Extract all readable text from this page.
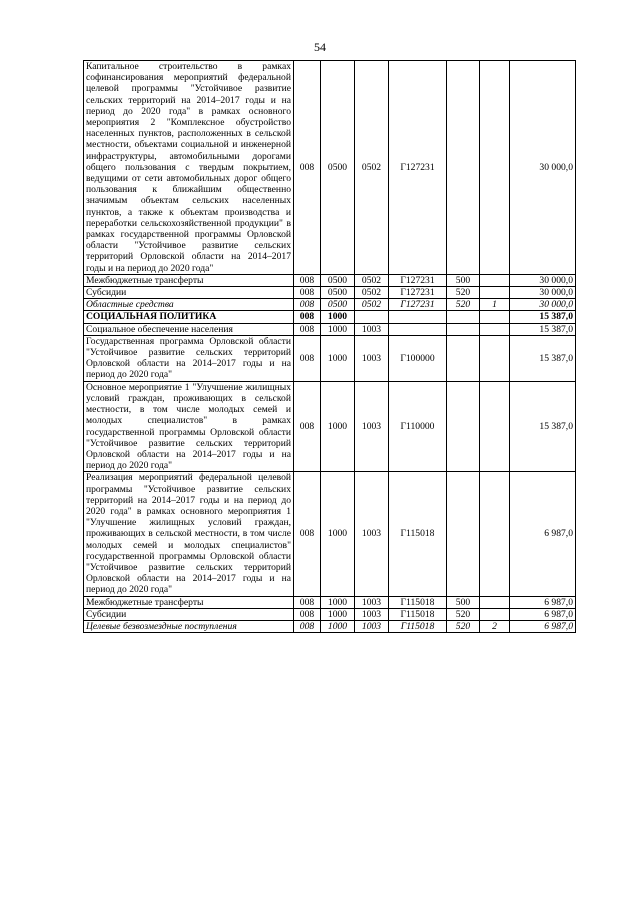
54
Капитальное строительство в рамках софинансирования мероприятий федеральной целевой программы "Устойчивое развитие сельских территорий на 2014–2017 годы и на период до 2020 года" в рамках основного мероприятия 2 "Комплексное обустройство населенных пунктов, расположенных в сельской местности, объектами социальной и инженерной инфраструктуры, автомобильными дорогами общего пользования с твердым покрытием, ведущими от сети автомобильных дорог общего пользования к ближайшим общественно значимым объектам сельских населенных пунктов, а также к объектам производства и переработки сельскохозяйственной продукции" в рамках государственной программы Орловской области "Устойчивое развитие сельских территорий Орловской области на 2014–2017 годы и на период до 2020 года"	008	0500	0502	Г127231			30 000,0
Межбюджетные трансферты	008	0500	0502	Г127231	500		30 000,0
Субсидии	008	0500	0502	Г127231	520		30 000,0
Областные средства	008	0500	0502	Г127231	520	1	30 000,0
СОЦИАЛЬНАЯ ПОЛИТИКА	008	1000					15 387,0
Социальное обеспечение населения	008	1000	1003				15 387,0
Государственная программа Орловской области "Устойчивое развитие сельских территорий Орловской области на 2014–2017 годы и на период до 2020 года"	008	1000	1003	Г100000			15 387,0
Основное мероприятие 1 "Улучшение жилищных условий граждан, проживающих в сельской местности, в том числе молодых семей и молодых специалистов" в рамках государственной программы Орловской области "Устойчивое развитие сельских территорий Орловской области на 2014–2017 годы и на период до 2020 года"	008	1000	1003	Г110000			15 387,0
Реализация мероприятий федеральной целевой программы "Устойчивое развитие сельских территорий на 2014–2017 годы и на период до 2020 года" в рамках основного мероприятия 1 "Улучшение жилищных условий граждан, проживающих в сельской местности, в том числе молодых семей и молодых специалистов" государственной программы Орловской области "Устойчивое развитие сельских территорий Орловской области на 2014–2017 годы и на период до 2020 года"	008	1000	1003	Г115018			6 987,0
Межбюджетные трансферты	008	1000	1003	Г115018	500		6 987,0
Субсидии	008	1000	1003	Г115018	520		6 987,0
Целевые безвозмездные поступления	008	1000	1003	Г115018	520	2	6 987,0
